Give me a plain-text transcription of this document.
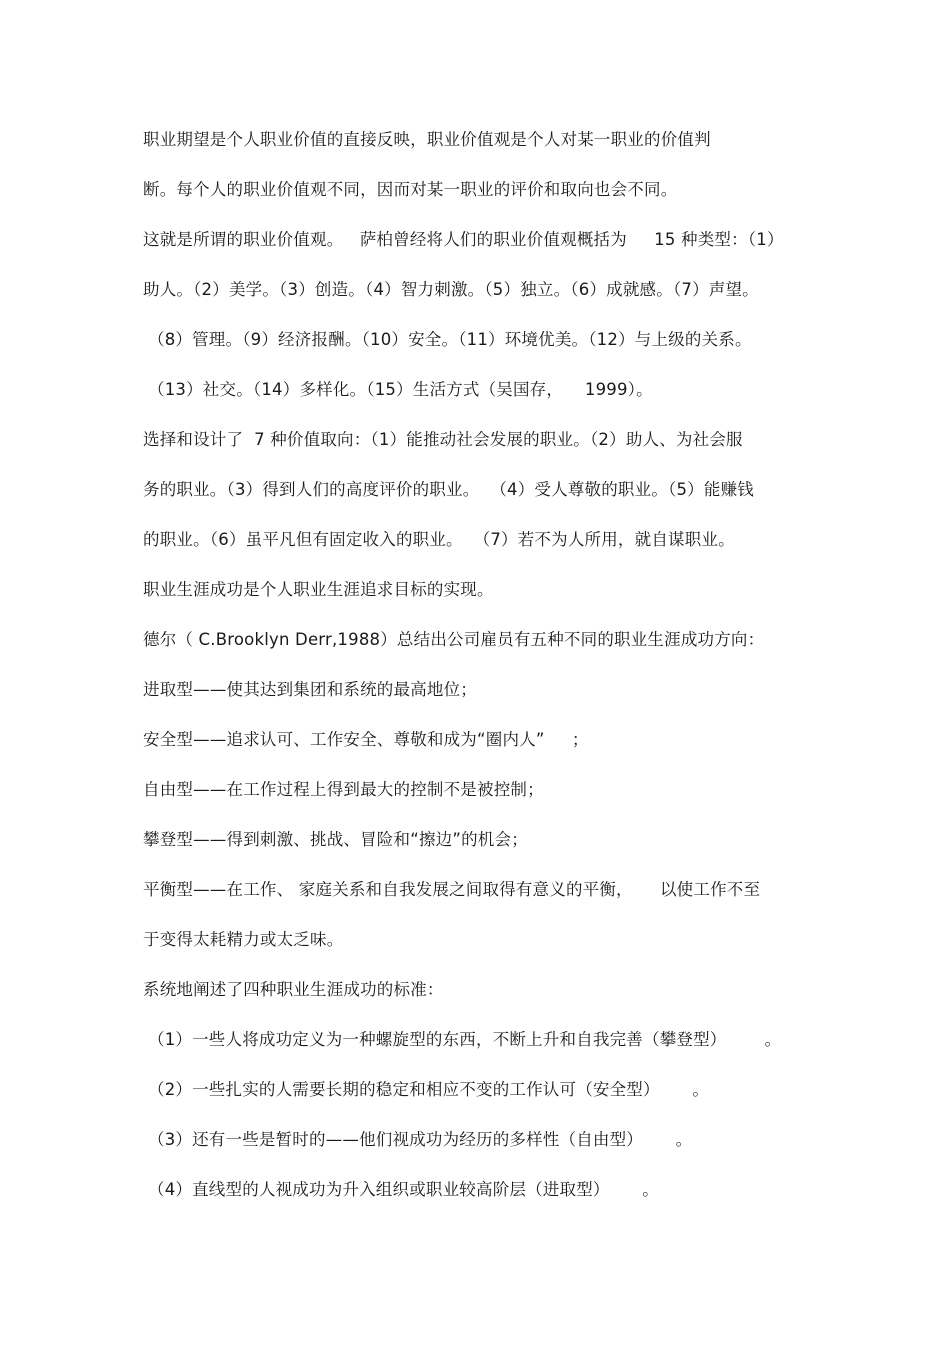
职业期望是个人职业价值的直接反映，职业价值观是个人对某一职业的价值判
断。每个人的职业价值观不同，因而对某一职业的评价和取向也会不同。
这就是所谓的职业价值观。   萨柏曾经将人们的职业价值观概括为     15 种类型：（1）
助人。（2）美学。（3）创造。（4）智力刺激。（5）独立。（6）成就感。（7）声望。
（8）管理。（9）经济报酬。（10）安全。（11）环境优美。（12）与上级的关系。
（13）社交。（14）多样化。（15）生活方式（吴国存，    1999）。
选择和设计了  7 种价值取向：（1）能推动社会发展的职业。（2）助人、为社会服
务的职业。（3）得到人们的高度评价的职业。  （4）受人尊敬的职业。（5）能赚钱
的职业。（6）虽平凡但有固定收入的职业。  （7）若不为人所用，就自谋职业。
职业生涯成功是个人职业生涯追求目标的实现。
德尔（ C.Brooklyn Derr,1988）总结出公司雇员有五种不同的职业生涯成功方向：
进取型——使其达到集团和系统的最高地位；
安全型——追求认可、工作安全、尊敬和成为“圈内人”     ；
自由型——在工作过程上得到最大的控制不是被控制；
攀登型——得到刺激、挑战、冒险和“擦边”的机会；
平衡型——在工作、 家庭关系和自我发展之间取得有意义的平衡，     以使工作不至
于变得太耗精力或太乏味。
系统地阐述了四种职业生涯成功的标准：
（1）一些人将成功定义为一种螺旋型的东西，不断上升和自我完善（攀登型）       。
（2）一些扎实的人需要长期的稳定和相应不变的工作认可（安全型）      。
（3）还有一些是暂时的——他们视成功为经历的多样性（自由型）      。
（4）直线型的人视成功为升入组织或职业较高阶层（进取型）      。
